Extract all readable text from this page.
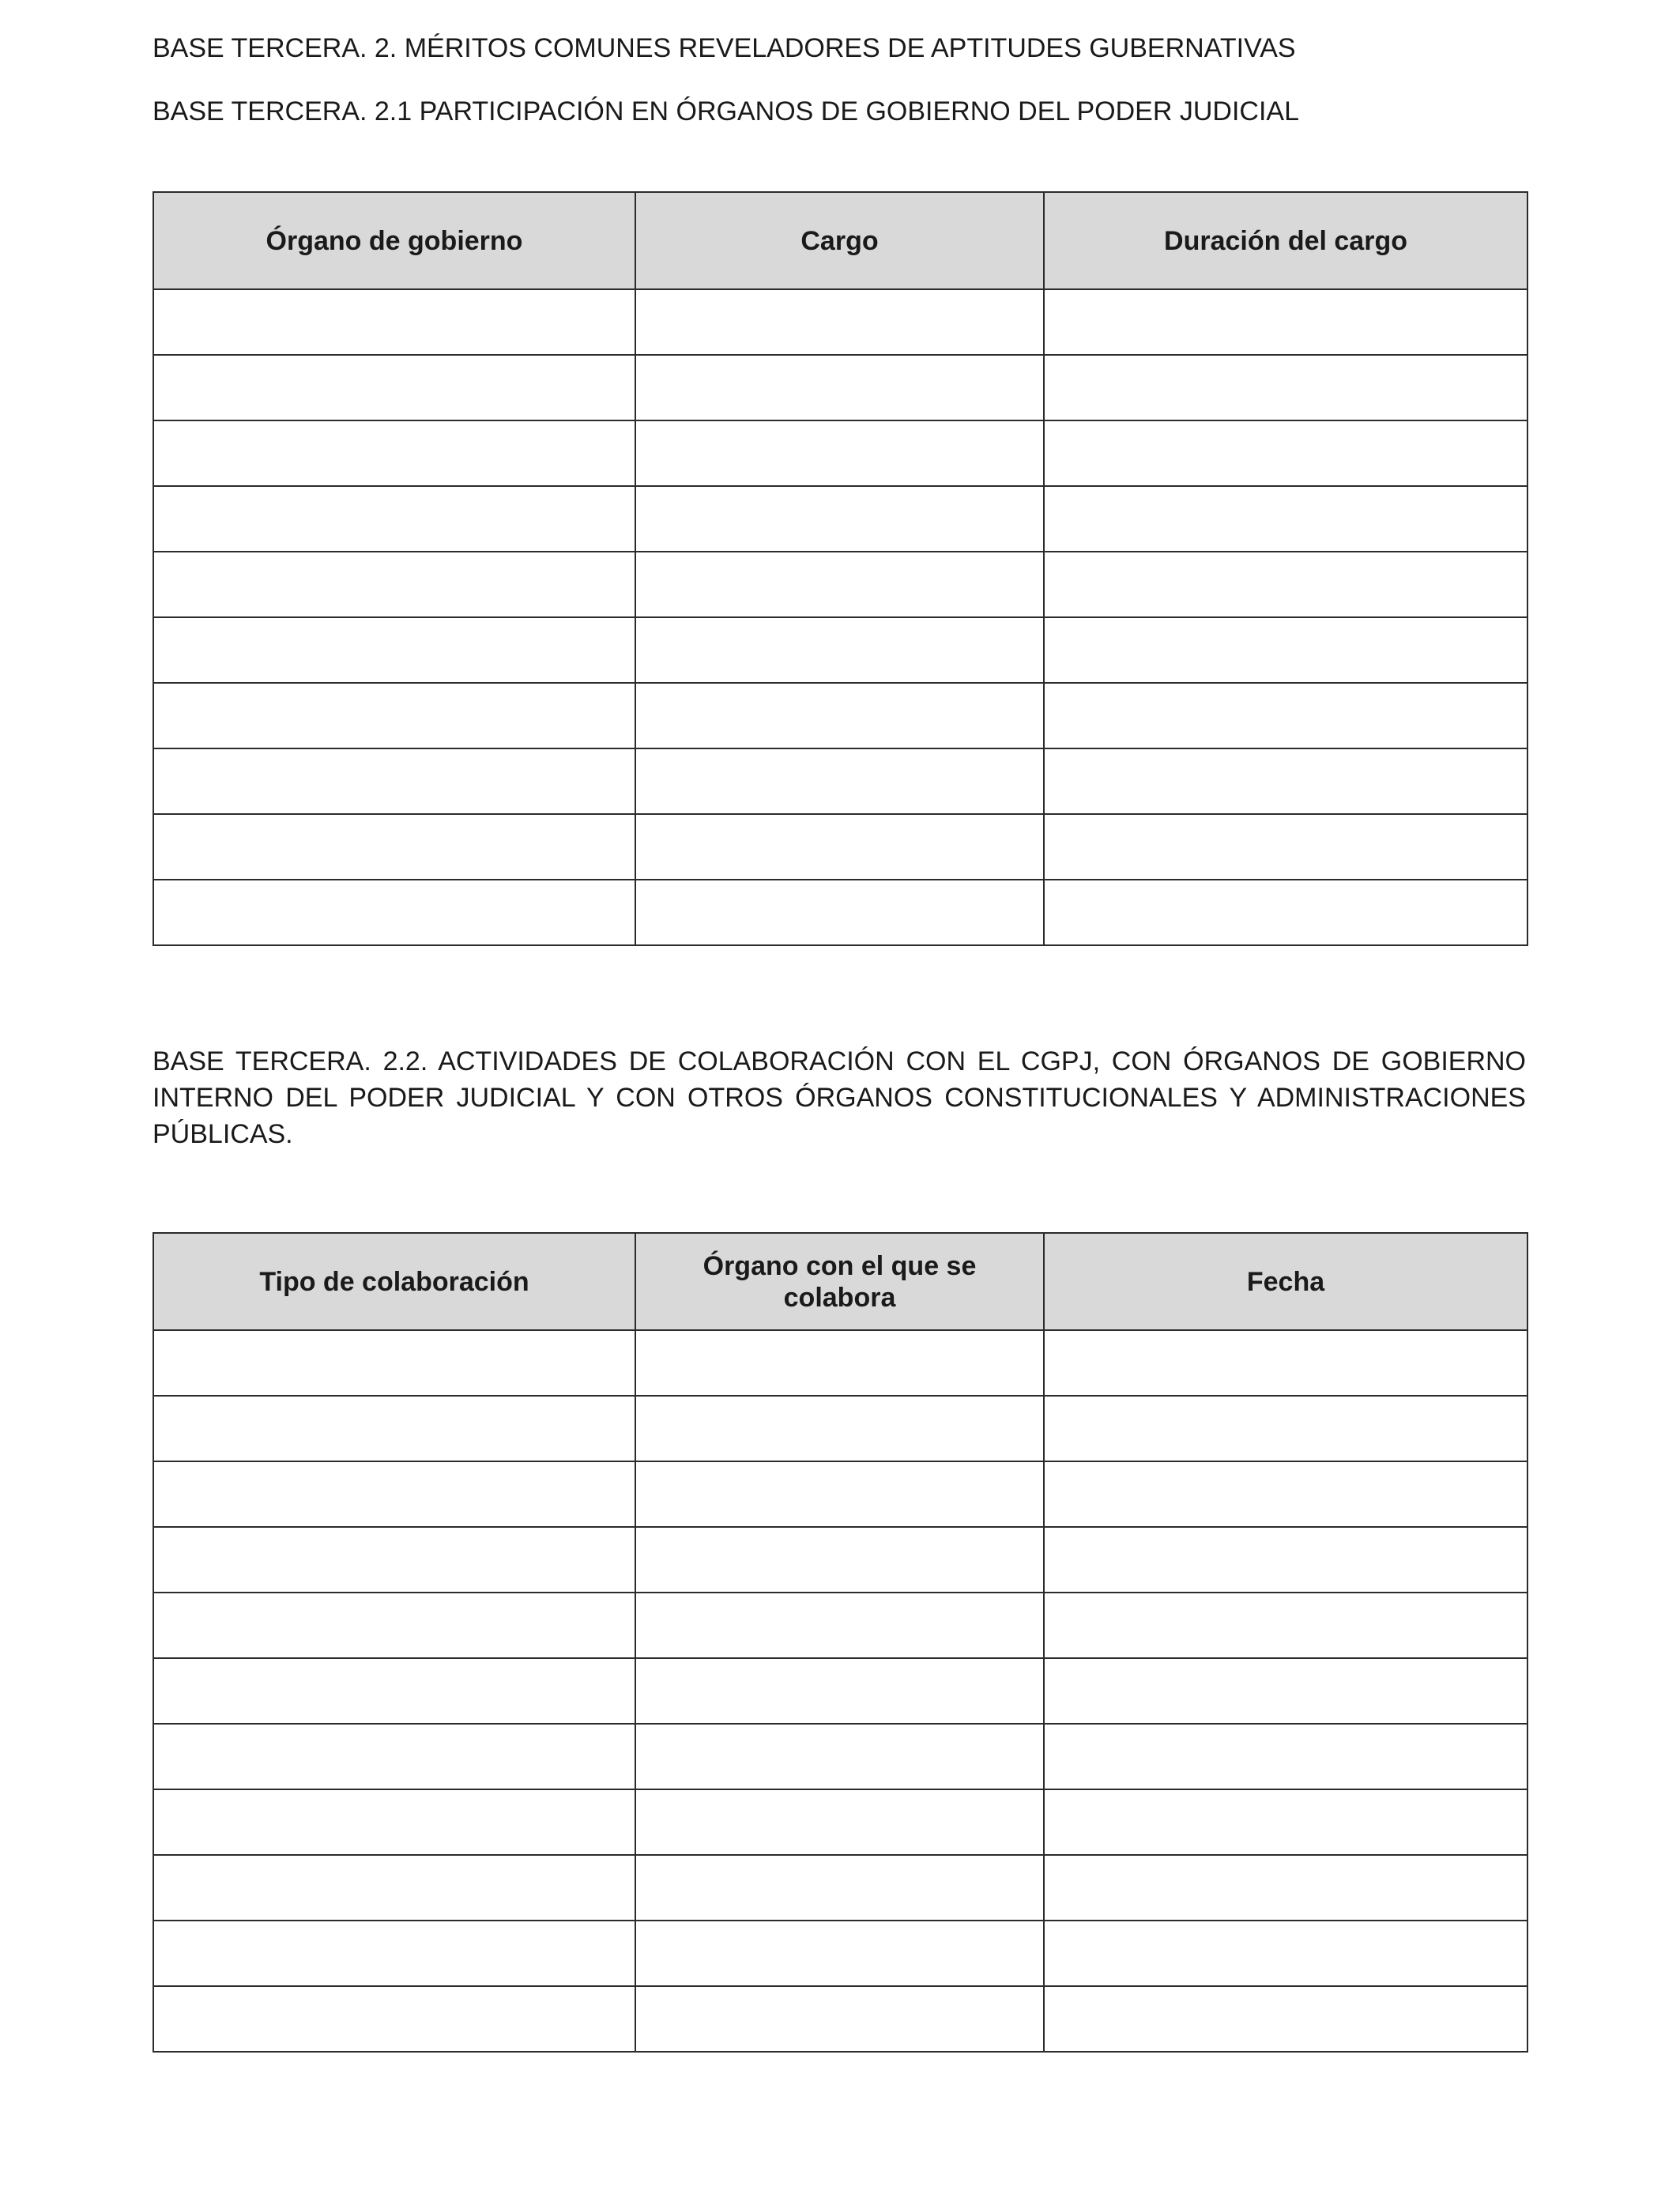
BASE TERCERA. 2. MÉRITOS COMUNES REVELADORES DE APTITUDES GUBERNATIVAS

BASE TERCERA. 2.1 PARTICIPACIÓN EN ÓRGANOS DE GOBIERNO DEL PODER JUDICIAL

Órgano de gobierno	Cargo	Duración del cargo

BASE TERCERA. 2.2. ACTIVIDADES DE COLABORACIÓN CON EL CGPJ, CON ÓRGANOS DE GOBIERNO INTERNO DEL PODER JUDICIAL Y CON OTROS ÓRGANOS CONSTITUCIONALES Y ADMINISTRACIONES PÚBLICAS.

Tipo de colaboración	Órgano con el que se colabora	Fecha
